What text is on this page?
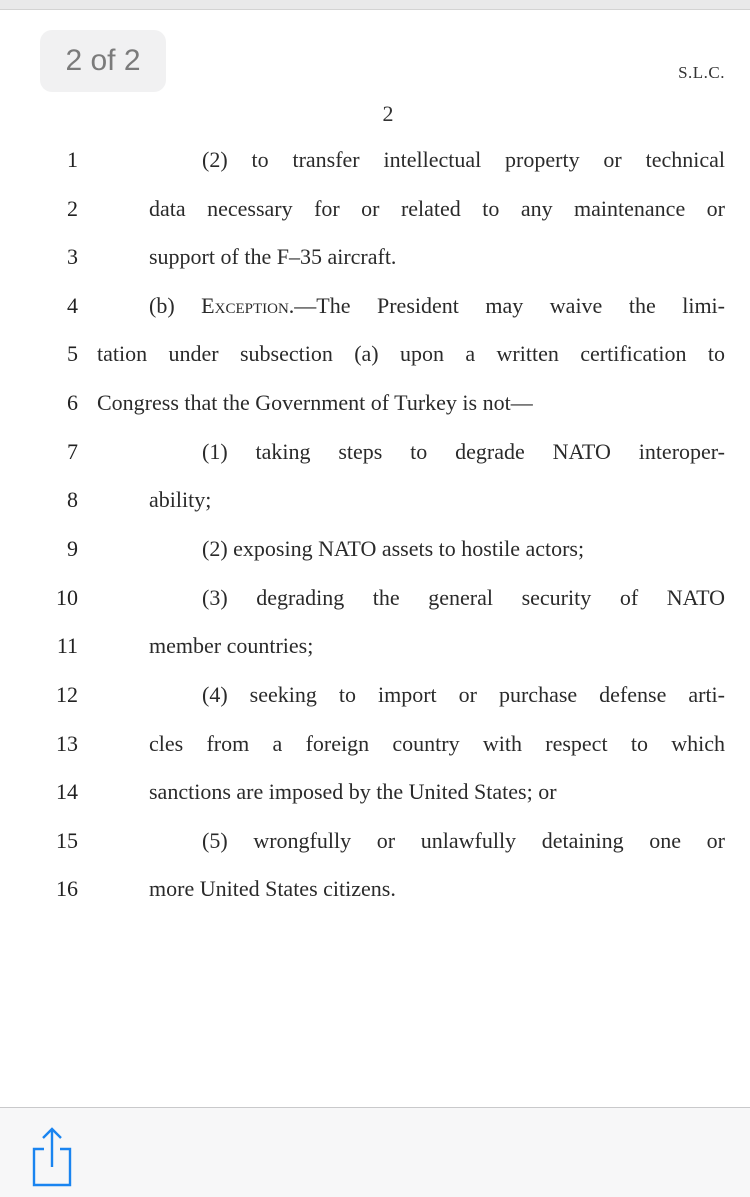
2 of 2	S.L.C.
2
1	(2) to transfer intellectual property or technical
2	data necessary for or related to any maintenance or
3	support of the F–35 aircraft.
4	(b) Exception.—The President may waive the limi-
5 tation under subsection (a) upon a written certification to
6 Congress that the Government of Turkey is not—
7	(1) taking steps to degrade NATO interoper-
8	ability;
9	(2) exposing NATO assets to hostile actors;
10	(3) degrading the general security of NATO
11	member countries;
12	(4) seeking to import or purchase defense arti-
13	cles from a foreign country with respect to which
14	sanctions are imposed by the United States; or
15	(5) wrongfully or unlawfully detaining one or
16	more United States citizens.
